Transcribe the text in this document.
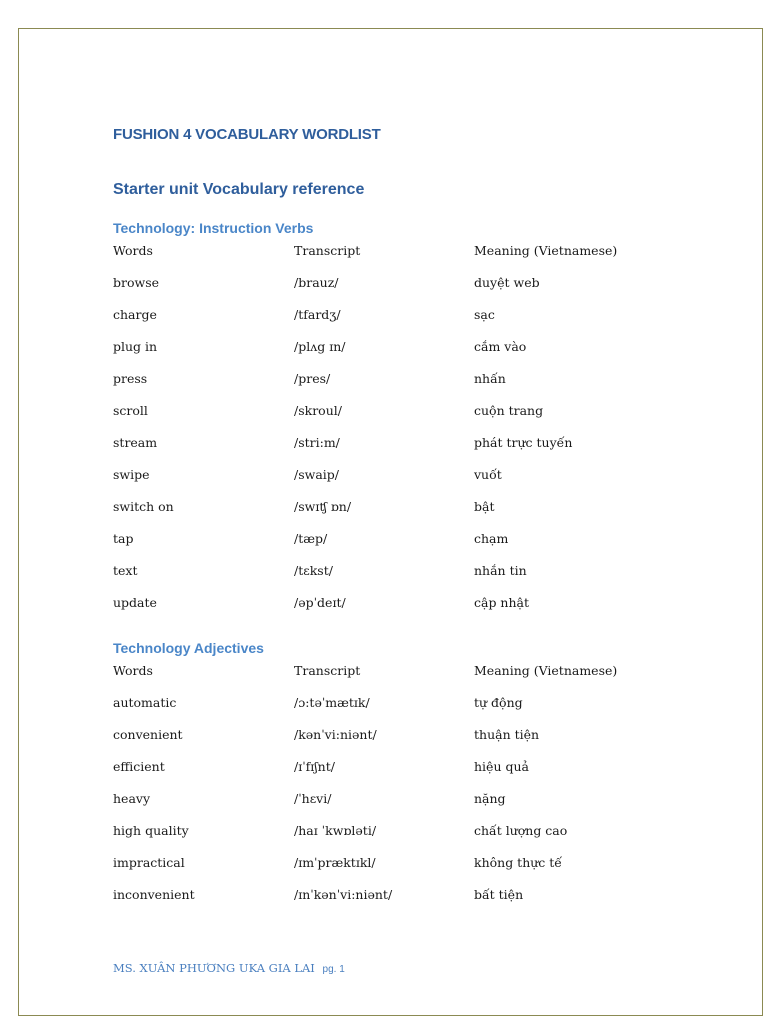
FUSHION 4 VOCABULARY WORDLIST
Starter unit Vocabulary reference
Technology: Instruction Verbs
Words	Transcript	Meaning (Vietnamese)
browse	/brauz/	duyệt web
charge	/tfardʒ/	sạc
plug in	/plʌg ɪn/	cắm vào
press	/pres/	nhấn
scroll	/skroul/	cuộn trang
stream	/stri:m/	phát trực tuyến
swipe	/swaip/	vuốt
switch on	/swɪʧ ɒn/	bật
tap	/tæp/	chạm
text	/tɛkst/	nhắn tin
update	/əpˈdeɪt/	cập nhật
Technology Adjectives
Words	Transcript	Meaning (Vietnamese)
automatic	/ɔ:təˈmætɪk/	tự động
convenient	/kənˈvi:niənt/	thuận tiện
efficient	/ɪˈfɪʃnt/	hiệu quả
heavy	/ˈhɛvi/	nặng
high quality	/haɪ ˈkwɒləti/	chất lượng cao
impractical	/ɪmˈpræktɪkl/	không thực tế
inconvenient	/ɪnˈkənˈvi:niənt/	bất tiện
MS. XUÂN PHƯƠNG UKA GIA LAI pg. 1
